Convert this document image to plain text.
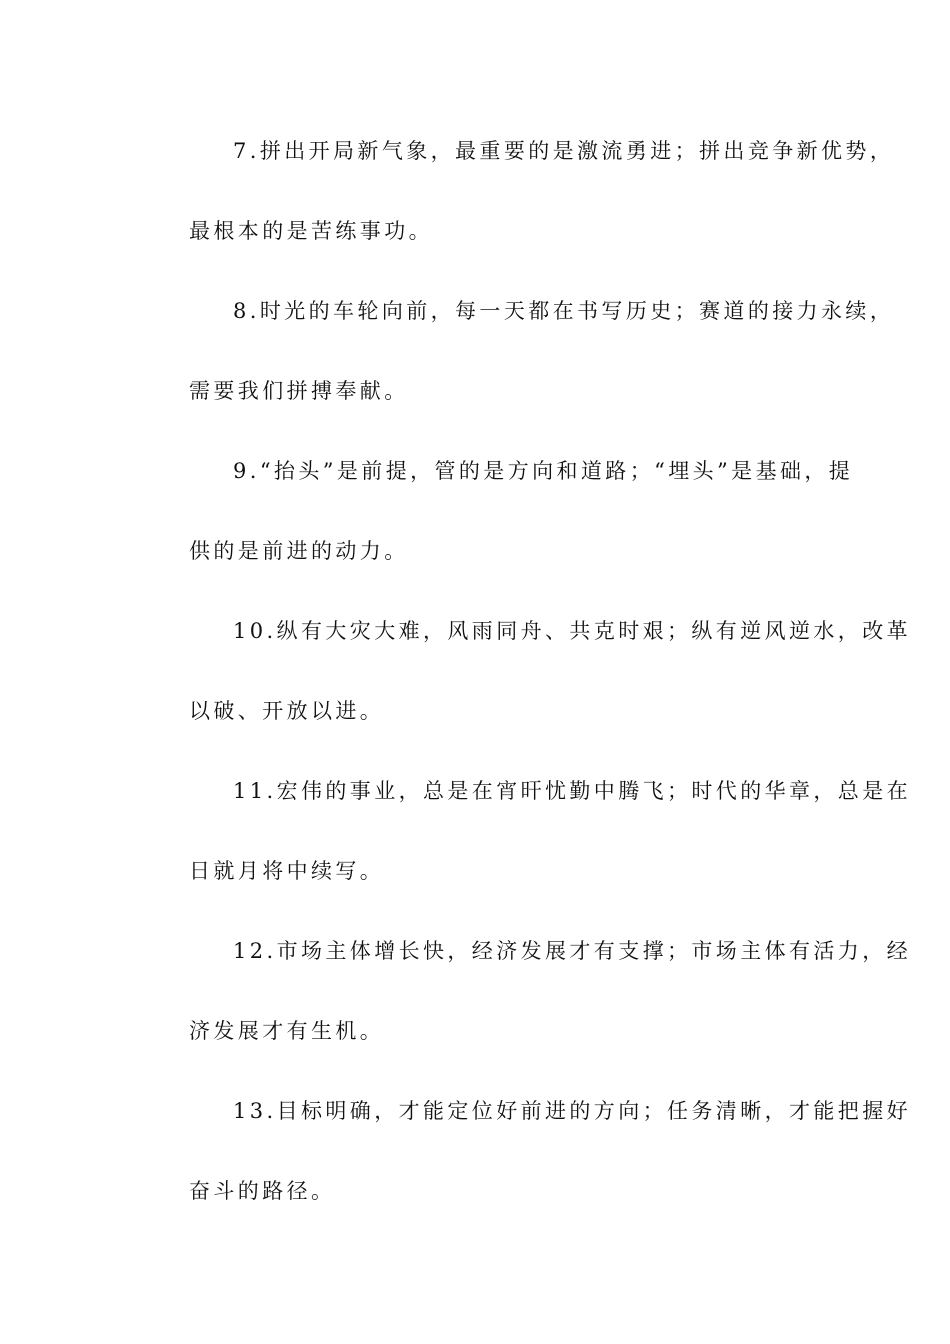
7.拼出开局新气象，最重要的是激流勇进；拼出竞争新优势，
最根本的是苦练事功。
8.时光的车轮向前，每一天都在书写历史；赛道的接力永续，
需要我们拼搏奉献。
9.“抬头”是前提，管的是方向和道路；“埋头”是基础，提
供的是前进的动力。
10.纵有大灾大难，风雨同舟、共克时艰；纵有逆风逆水，改革
以破、开放以进。
11.宏伟的事业，总是在宵旰忧勤中腾飞；时代的华章，总是在
日就月将中续写。
12.市场主体增长快，经济发展才有支撑；市场主体有活力，经
济发展才有生机。
13.目标明确，才能定位好前进的方向；任务清晰，才能把握好
奋斗的路径。
